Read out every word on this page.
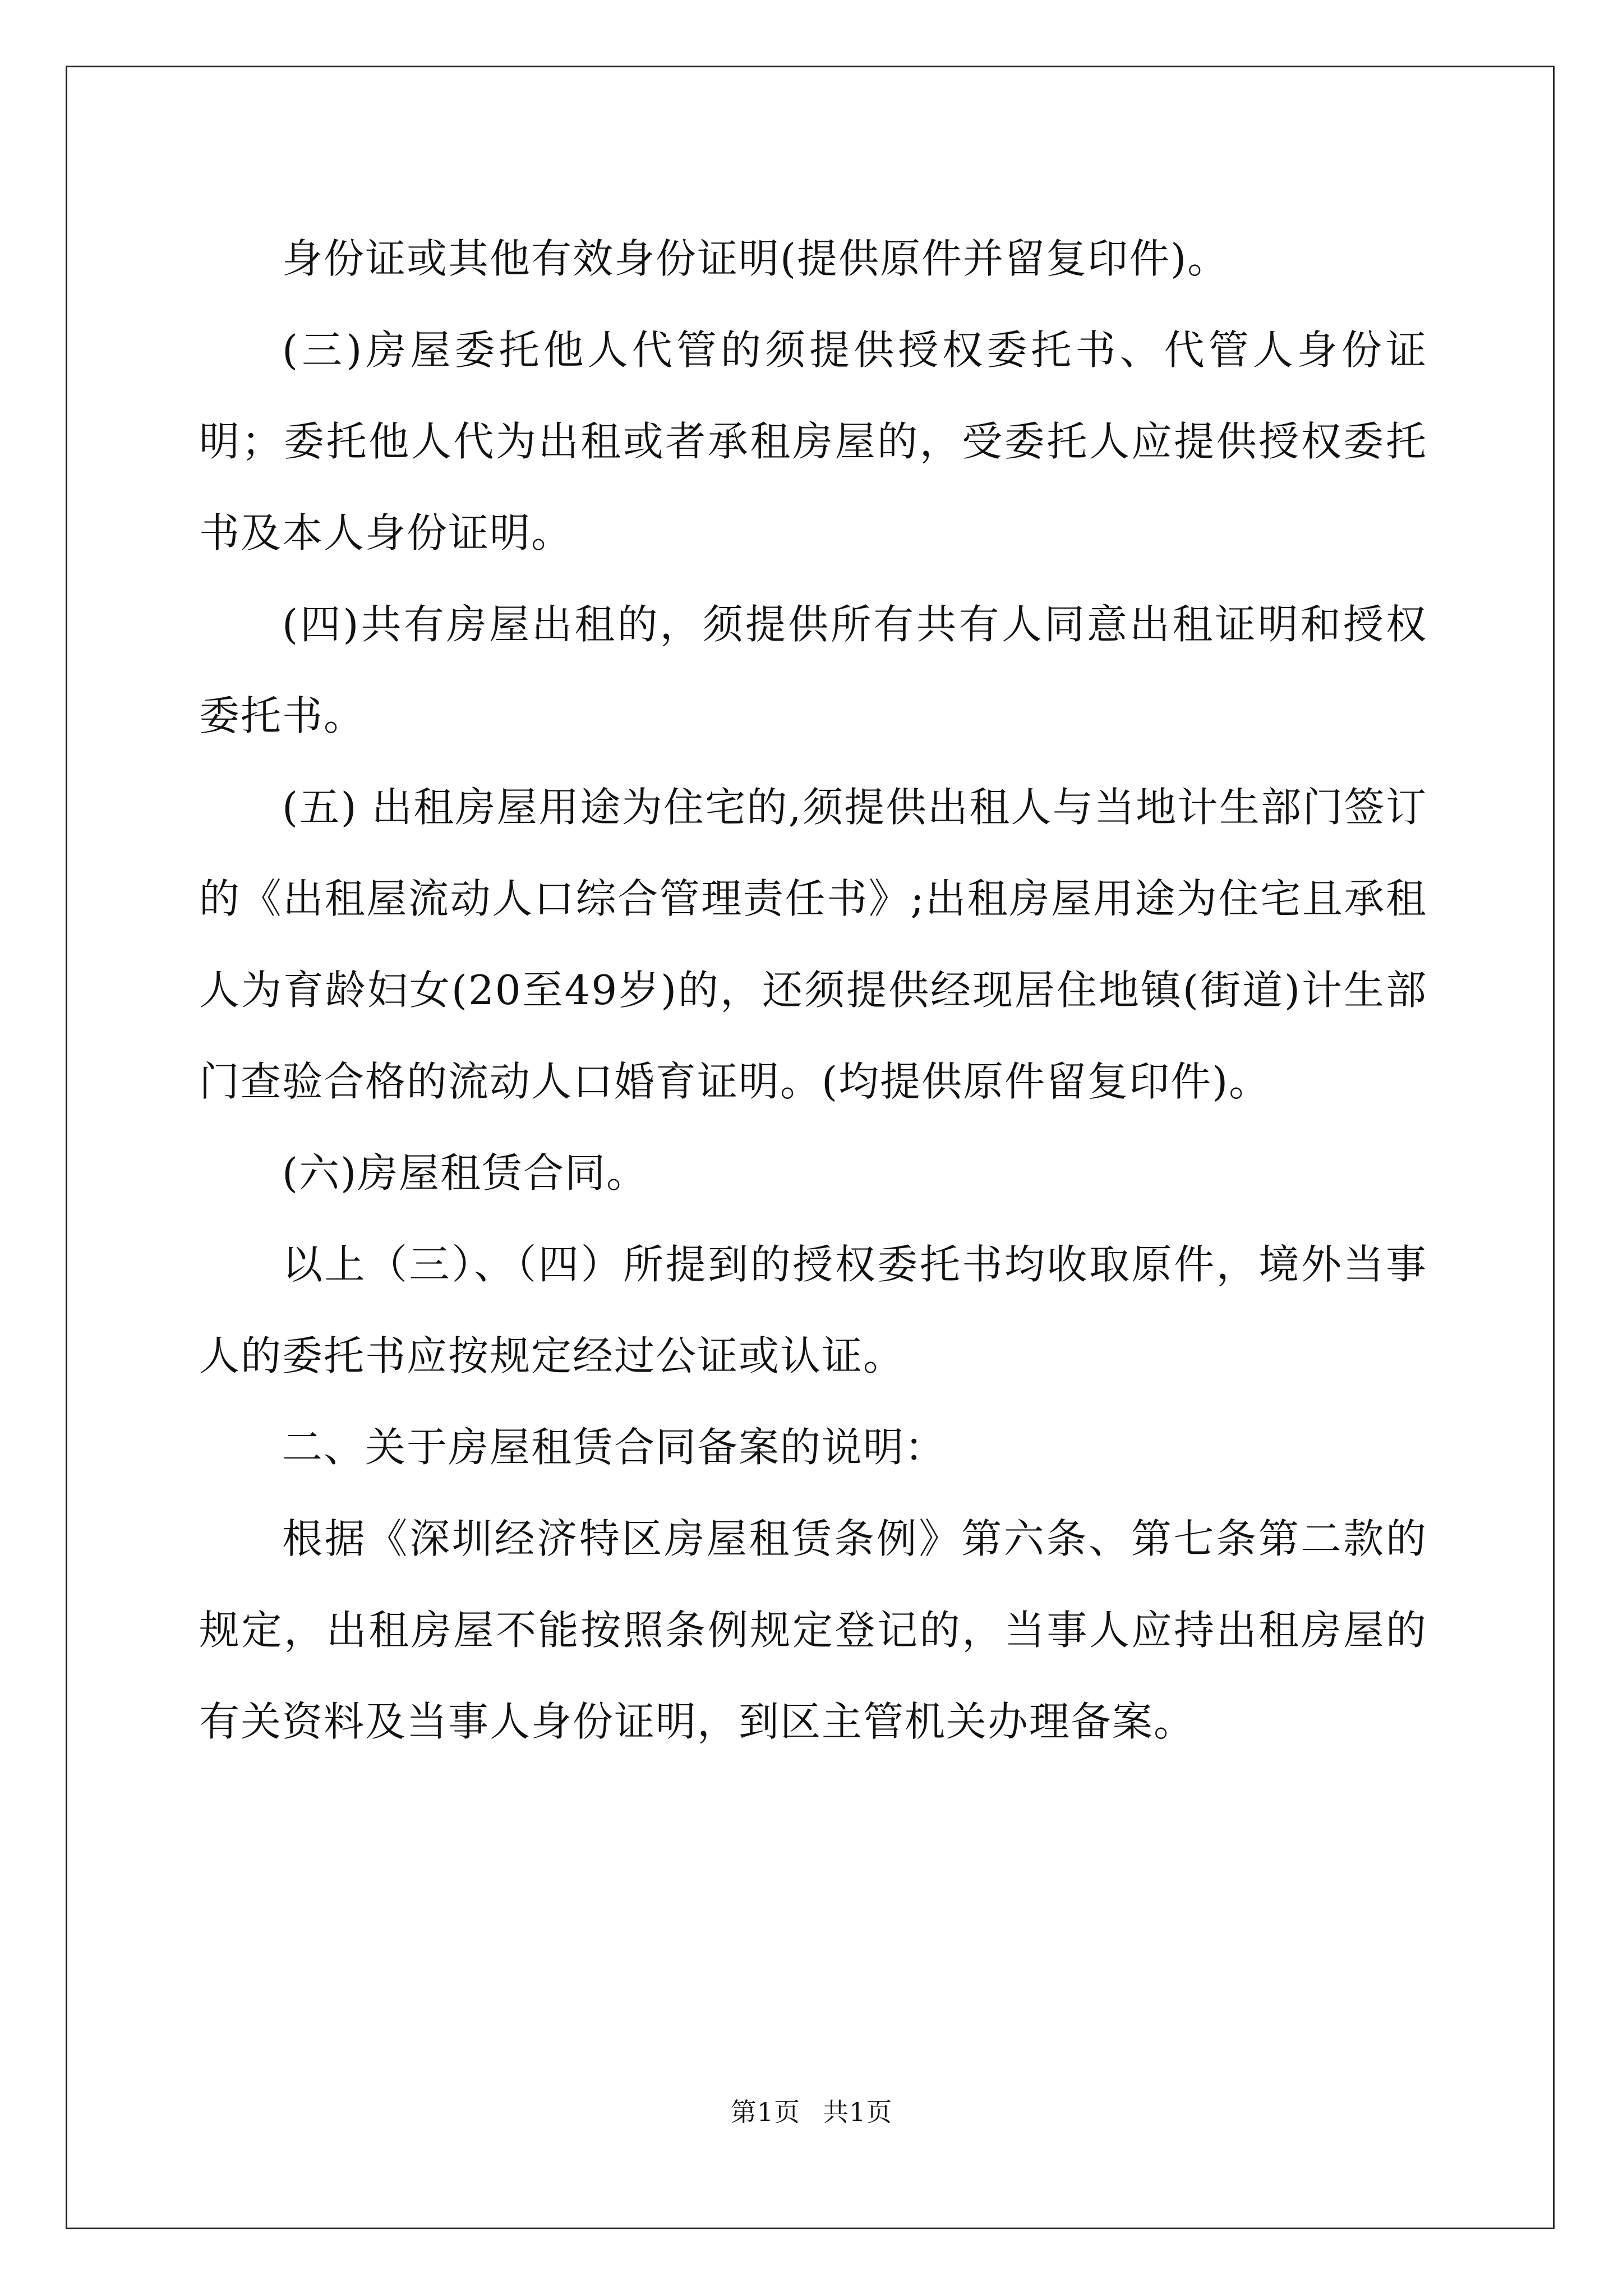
身份证或其他有效身份证明(提供原件并留复印件)。

(三)房屋委托他人代管的须提供授权委托书、代管人身份证明；委托他人代为出租或者承租房屋的，受委托人应提供授权委托书及本人身份证明。

(四)共有房屋出租的，须提供所有共有人同意出租证明和授权委托书。

(五) 出租房屋用途为住宅的,须提供出租人与当地计生部门签订的《出租屋流动人口综合管理责任书》;出租房屋用途为住宅且承租人为育龄妇女(20至49岁)的，还须提供经现居住地镇(街道)计生部门查验合格的流动人口婚育证明。(均提供原件留复印件)。

(六)房屋租赁合同。

以上（三）、（四）所提到的授权委托书均收取原件，境外当事人的委托书应按规定经过公证或认证。

二、关于房屋租赁合同备案的说明：

根据《深圳经济特区房屋租赁条例》第六条、第七条第二款的规定，出租房屋不能按照条例规定登记的，当事人应持出租房屋的有关资料及当事人身份证明，到区主管机关办理备案。

第1页 共1页
